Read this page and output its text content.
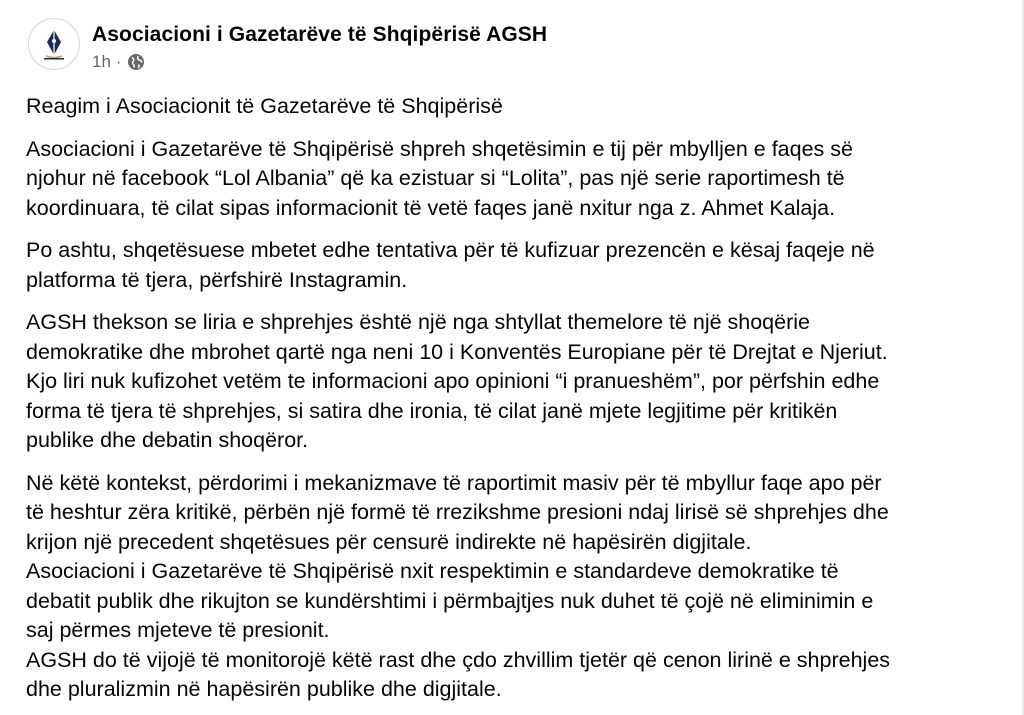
Asociacioni i Gazetarëve të Shqipërisë AGSH
1h ·

Reagim i Asociacionit të Gazetarëve të Shqipërisë

Asociacioni i Gazetarëve të Shqipërisë shpreh shqetësimin e tij për mbylljen e faqes së
njohur në facebook “Lol Albania” që ka ezistuar si “Lolita”, pas një serie raportimesh të
koordinuara, të cilat sipas informacionit të vetë faqes janë nxitur nga z. Ahmet Kalaja.

Po ashtu, shqetësuese mbetet edhe tentativa për të kufizuar prezencën e kësaj faqeje në
platforma të tjera, përfshirë Instagramin.

AGSH thekson se liria e shprehjes është një nga shtyllat themelore të një shoqërie
demokratike dhe mbrohet qartë nga neni 10 i Konventës Europiane për të Drejtat e Njeriut.
Kjo liri nuk kufizohet vetëm te informacioni apo opinioni “i pranueshëm”, por përfshin edhe
forma të tjera të shprehjes, si satira dhe ironia, të cilat janë mjete legjitime për kritikën
publike dhe debatin shoqëror.

Në këtë kontekst, përdorimi i mekanizmave të raportimit masiv për të mbyllur faqe apo për
të heshtur zëra kritikë, përbën një formë të rrezikshme presioni ndaj lirisë së shprehjes dhe
krijon një precedent shqetësues për censurë indirekte në hapësirën digjitale.
Asociacioni i Gazetarëve të Shqipërisë nxit respektimin e standardeve demokratike të
debatit publik dhe rikujton se kundërshtimi i përmbajtjes nuk duhet të çojë në eliminimin e
saj përmes mjeteve të presionit.
AGSH do të vijojë të monitorojë këtë rast dhe çdo zhvillim tjetër që cenon lirinë e shprehjes
dhe pluralizmin në hapësirën publike dhe digjitale.
